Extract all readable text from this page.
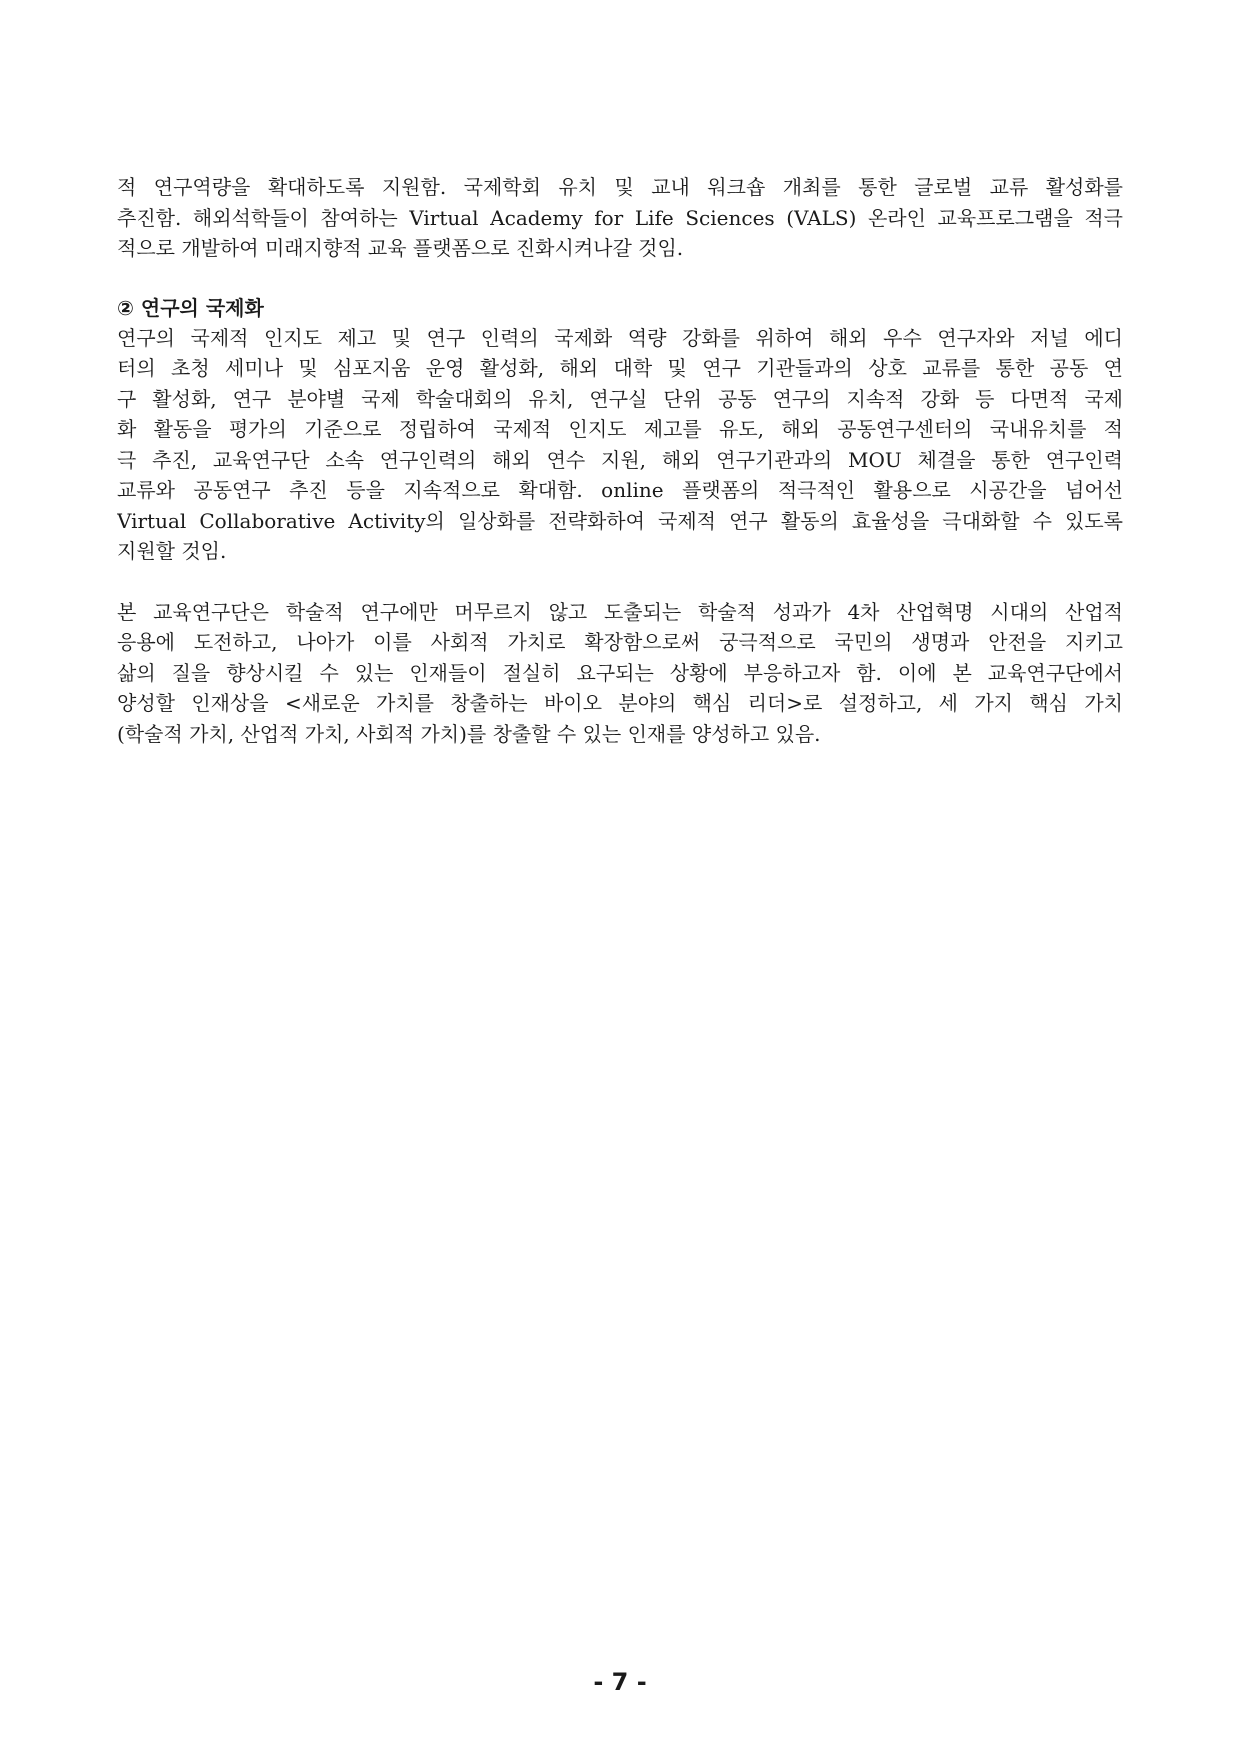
적 연구역량을 확대하도록 지원함. 국제학회 유치 및 교내 워크숍 개최를 통한 글로벌 교류 활성화를
추진함. 해외석학들이 참여하는 Virtual Academy for Life Sciences (VALS) 온라인 교육프로그램을 적극
적으로 개발하여 미래지향적 교육 플랫폼으로 진화시켜나갈 것임.
② 연구의 국제화
연구의 국제적 인지도 제고 및 연구 인력의 국제화 역량 강화를 위하여 해외 우수 연구자와 저널 에디
터의 초청 세미나 및 심포지움 운영 활성화, 해외 대학 및 연구 기관들과의 상호 교류를 통한 공동 연
구 활성화, 연구 분야별 국제 학술대회의 유치, 연구실 단위 공동 연구의 지속적 강화 등 다면적 국제
화 활동을 평가의 기준으로 정립하여 국제적 인지도 제고를 유도, 해외 공동연구센터의 국내유치를 적
극 추진, 교육연구단 소속 연구인력의 해외 연수 지원, 해외 연구기관과의 MOU 체결을 통한 연구인력
교류와 공동연구 추진 등을 지속적으로 확대함. online 플랫폼의 적극적인 활용으로 시공간을 넘어선
Virtual Collaborative Activity의 일상화를 전략화하여 국제적 연구 활동의 효율성을 극대화할 수 있도록
지원할 것임.
본 교육연구단은 학술적 연구에만 머무르지 않고 도출되는 학술적 성과가 4차 산업혁명 시대의 산업적
응용에 도전하고, 나아가 이를 사회적 가치로 확장함으로써 궁극적으로 국민의 생명과 안전을 지키고
삶의 질을 향상시킬 수 있는 인재들이 절실히 요구되는 상황에 부응하고자 함. 이에 본 교육연구단에서
양성할 인재상을 <새로운 가치를 창출하는 바이오 분야의 핵심 리더>로 설정하고, 세 가지 핵심 가치
(학술적 가치, 산업적 가치, 사회적 가치)를 창출할 수 있는 인재를 양성하고 있음.
- 7 -
